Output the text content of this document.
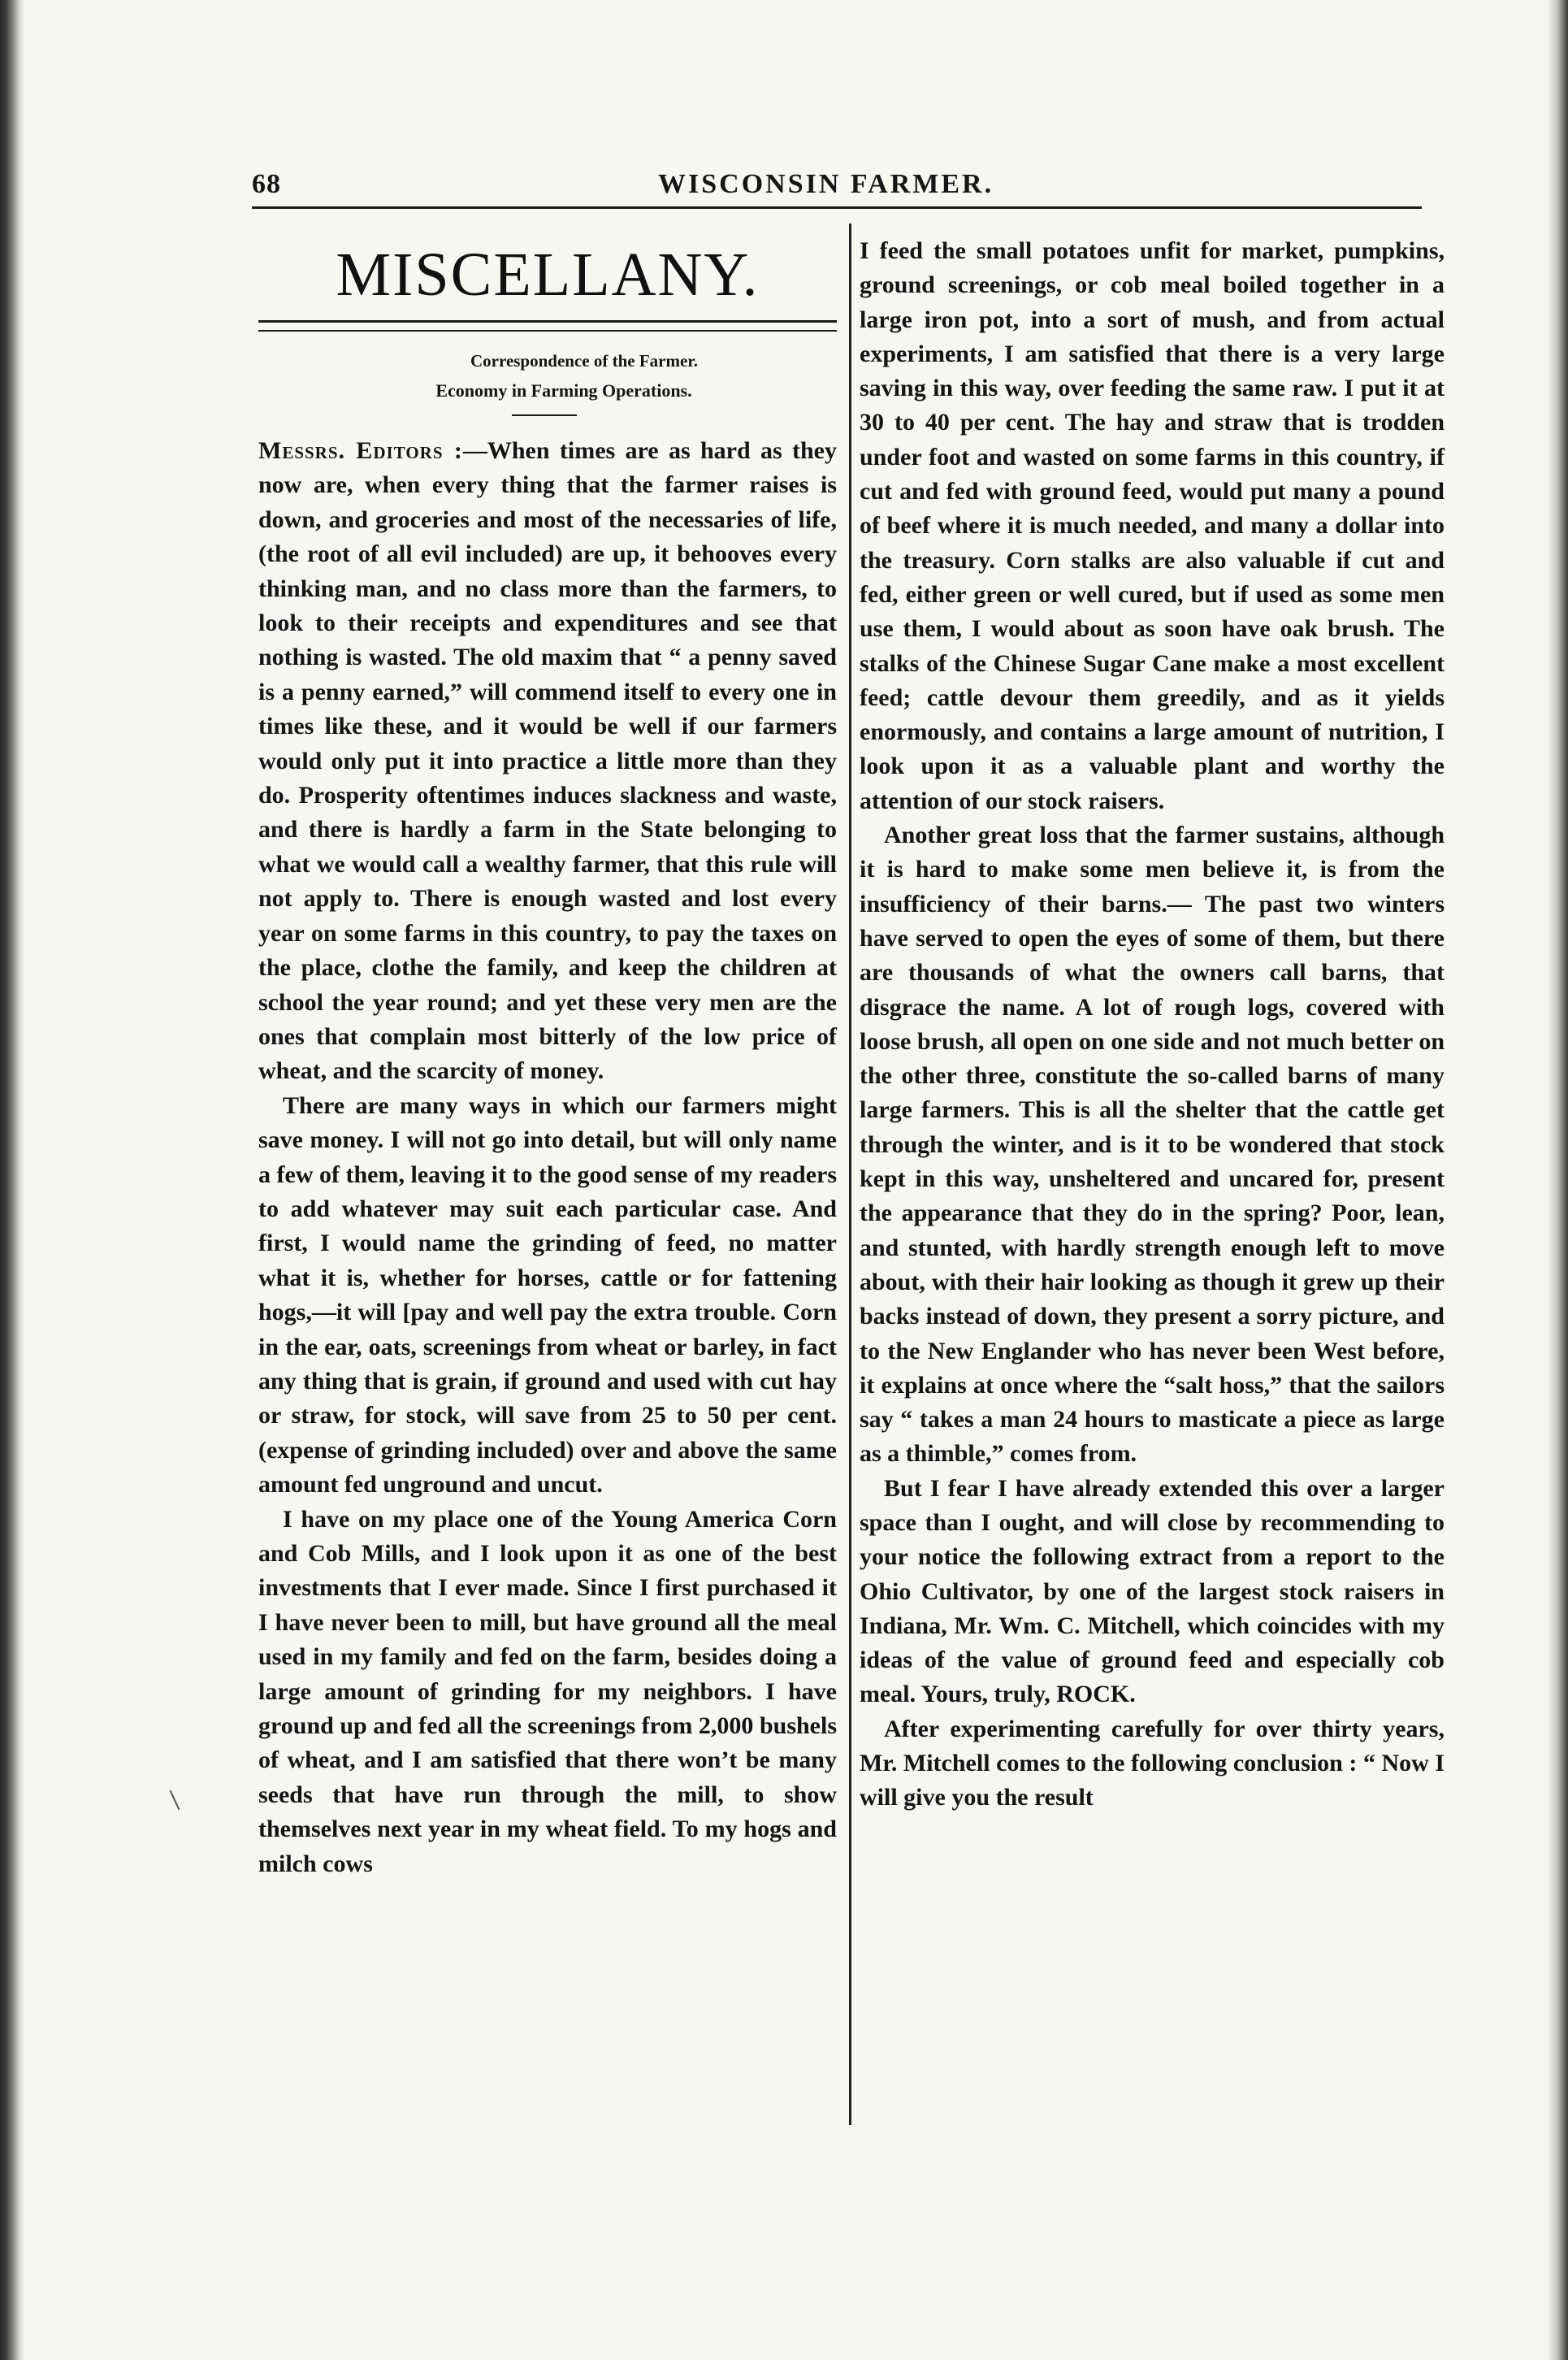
68	WISCONSIN FARMER.
MISCELLANY.
Correspondence of the Farmer.
Economy in Farming Operations.

Messrs. Editors :—When times are as hard as they now are, when every thing that the farmer raises is down, and groceries and most of the necessaries of life, (the root of all evil included) are up, it behooves every thinking man, and no class more than the farmers, to look to their receipts and expenditures and see that nothing is wasted. The old maxim that “ a penny saved is a penny earned,” will commend itself to every one in times like these, and it would be well if our farmers would only put it into practice a little more than they do. Prosperity oftentimes induces slackness and waste, and there is hardly a farm in the State belonging to what we would call a wealthy farmer, that this rule will not apply to. There is enough wasted and lost every year on some farms in this country, to pay the taxes on the place, clothe the family, and keep the children at school the year round; and yet these very men are the ones that complain most bitterly of the low price of wheat, and the scarcity of money.

There are many ways in which our farmers might save money. I will not go into detail, but will only name a few of them, leaving it to the good sense of my readers to add whatever may suit each particular case. And first, I would name the grinding of feed, no matter what it is, whether for horses, cattle or for fattening hogs,—it will [pay and well pay the extra trouble. Corn in the ear, oats, screenings from wheat or barley, in fact any thing that is grain, if ground and used with cut hay or straw, for stock, will save from 25 to 50 per cent. (expense of grinding included) over and above the same amount fed unground and uncut.

I have on my place one of the Young America Corn and Cob Mills, and I look upon it as one of the best investments that I ever made. Since I first purchased it I have never been to mill, but have ground all the meal used in my family and fed on the farm, besides doing a large amount of grinding for my neighbors. I have ground up and fed all the screenings from 2,000 bushels of wheat, and I am satisfied that there won’t be many seeds that have run through the mill, to show themselves next year in my wheat field. To my hogs and milch cows

I feed the small potatoes unfit for market, pumpkins, ground screenings, or cob meal boiled together in a large iron pot, into a sort of mush, and from actual experiments, I am satisfied that there is a very large saving in this way, over feeding the same raw. I put it at 30 to 40 per cent. The hay and straw that is trodden under foot and wasted on some farms in this country, if cut and fed with ground feed, would put many a pound of beef where it is much needed, and many a dollar into the treasury. Corn stalks are also valuable if cut and fed, either green or well cured, but if used as some men use them, I would about as soon have oak brush. The stalks of the Chinese Sugar Cane make a most excellent feed; cattle devour them greedily, and as it yields enormously, and contains a large amount of nutrition, I look upon it as a valuable plant and worthy the attention of our stock raisers.

Another great loss that the farmer sustains, although it is hard to make some men believe it, is from the insufficiency of their barns.— The past two winters have served to open the eyes of some of them, but there are thousands of what the owners call barns, that disgrace the name. A lot of rough logs, covered with loose brush, all open on one side and not much better on the other three, constitute the so-called barns of many large farmers. This is all the shelter that the cattle get through the winter, and is it to be wondered that stock kept in this way, unsheltered and uncared for, present the appearance that they do in the spring? Poor, lean, and stunted, with hardly strength enough left to move about, with their hair looking as though it grew up their backs instead of down, they present a sorry picture, and to the New Englander who has never been West before, it explains at once where the “salt hoss,” that the sailors say “ takes a man 24 hours to masticate a piece as large as a thimble,” comes from.

But I fear I have already extended this over a larger space than I ought, and will close by recommending to your notice the following extract from a report to the Ohio Cultivator, by one of the largest stock raisers in Indiana, Mr. Wm. C. Mitchell, which coincides with my ideas of the value of ground feed and especially cob meal. Yours, truly, ROCK.

After experimenting carefully for over thirty years, Mr. Mitchell comes to the following conclusion : “ Now I will give you the result
